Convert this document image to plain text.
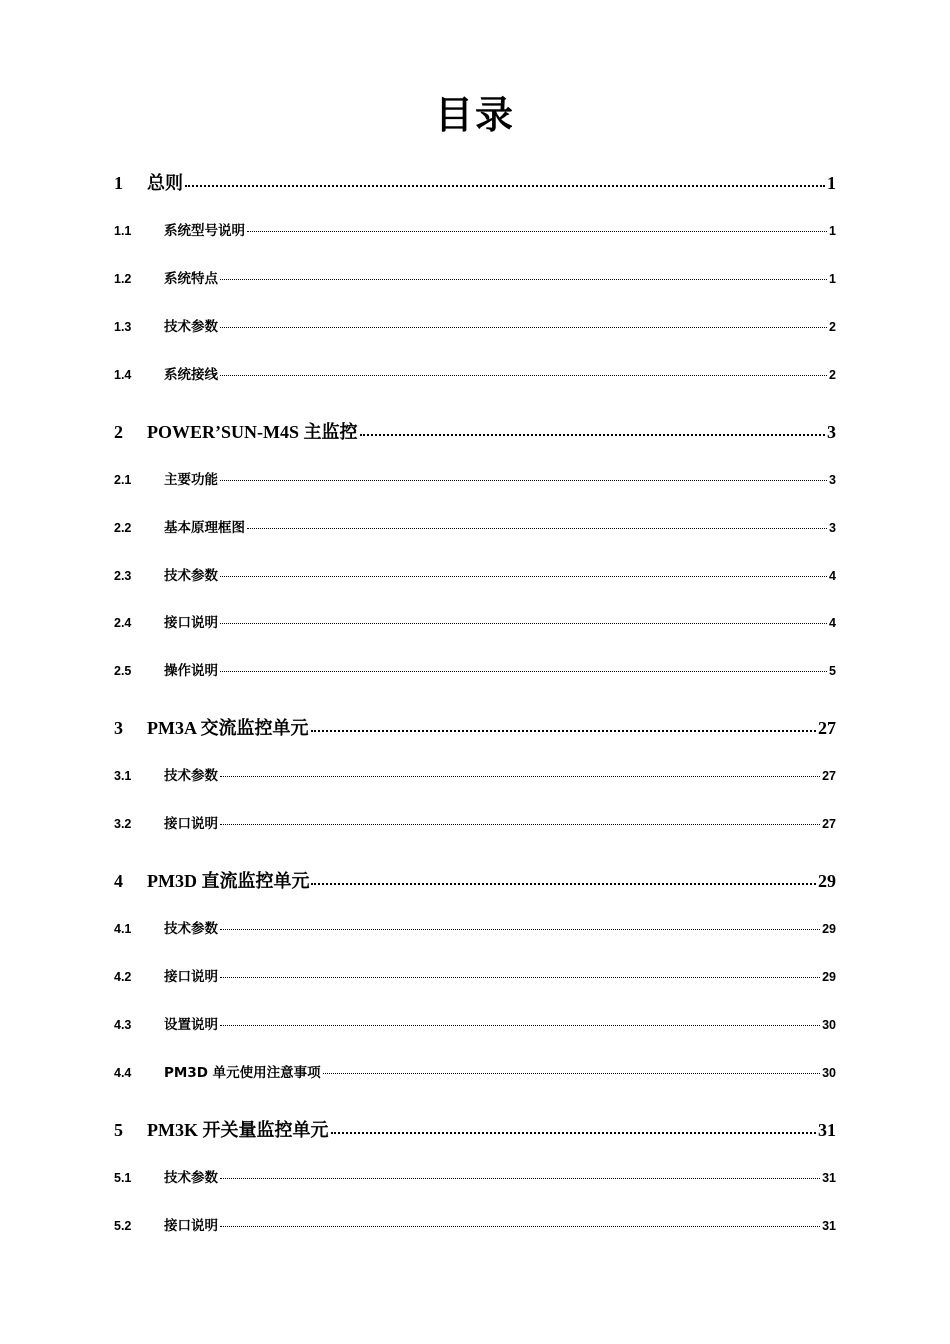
目录
1	总则	1
1.1	系统型号说明	1
1.2	系统特点	1
1.3	技术参数	2
1.4	系统接线	2
2	POWER’SUN-M4S 主监控	3
2.1	主要功能	3
2.2	基本原理框图	3
2.3	技术参数	4
2.4	接口说明	4
2.5	操作说明	5
3	PM3A 交流监控单元	27
3.1	技术参数	27
3.2	接口说明	27
4	PM3D 直流监控单元	29
4.1	技术参数	29
4.2	接口说明	29
4.3	设置说明	30
4.4	PM3D 单元使用注意事项	30
5	PM3K 开关量监控单元	31
5.1	技术参数	31
5.2	接口说明	31
